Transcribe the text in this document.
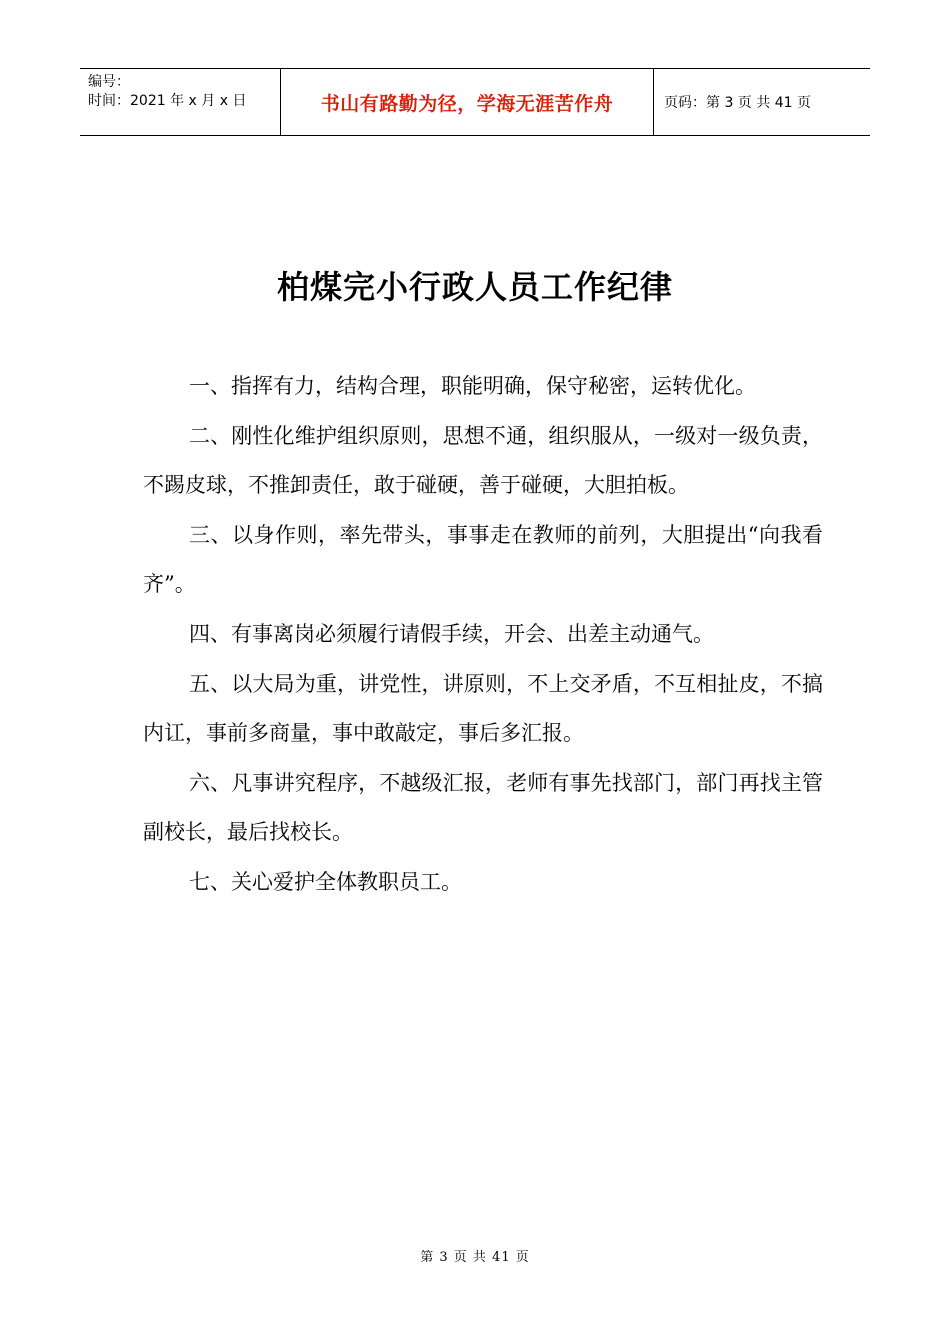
编号：
时间：2021 年 x 月 x 日	书山有路勤为径，学海无涯苦作舟	页码：第 3 页 共 41 页
柏煤完小行政人员工作纪律

一、指挥有力，结构合理，职能明确，保守秘密，运转优化。

二、刚性化维护组织原则，思想不通，组织服从，一级对一级负责，不踢皮球，不推卸责任，敢于碰硬，善于碰硬，大胆拍板。

三、以身作则，率先带头，事事走在教师的前列，大胆提出“向我看齐”。

四、有事离岗必须履行请假手续，开会、出差主动通气。

五、以大局为重，讲党性，讲原则，不上交矛盾，不互相扯皮，不搞内讧，事前多商量，事中敢敲定，事后多汇报。

六、凡事讲究程序，不越级汇报，老师有事先找部门，部门再找主管副校长，最后找校长。

七、关心爱护全体教职员工。

第 3 页 共 41 页
